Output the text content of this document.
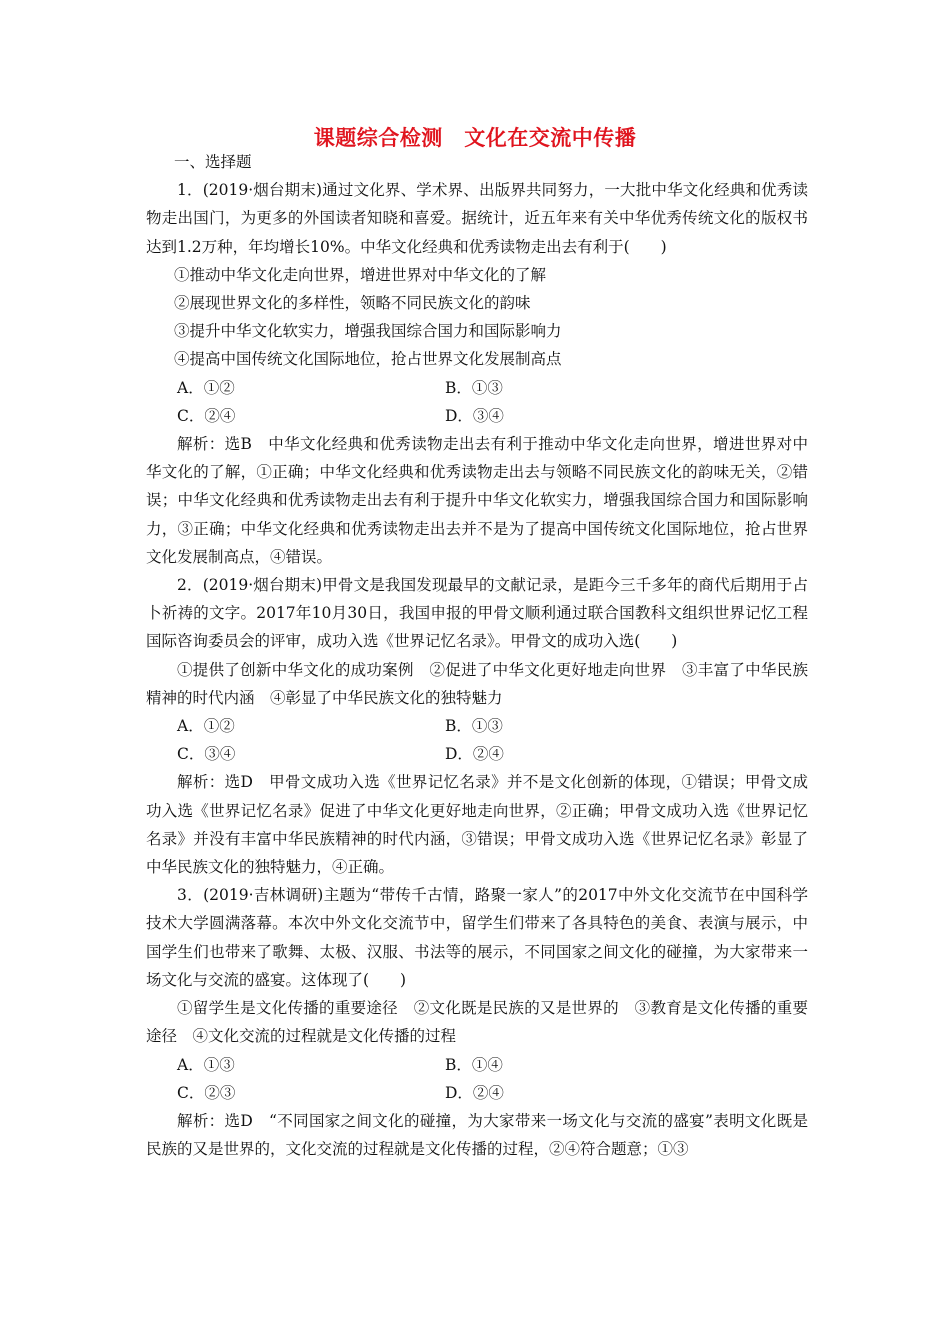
课题综合检测　文化在交流中传播
一、选择题

1．(2019·烟台期末)通过文化界、学术界、出版界共同努力，一大批中华文化经典和优秀读物走出国门，为更多的外国读者知晓和喜爱。据统计，近五年来有关中华优秀传统文化的版权书达到1.2万种，年均增长10%。中华文化经典和优秀读物走出去有利于(　　)

①推动中华文化走向世界，增进世界对中华文化的了解

②展现世界文化的多样性，领略不同民族文化的韵味

③提升中华文化软实力，增强我国综合国力和国际影响力

④提高中国传统文化国际地位，抢占世界文化发展制高点

A．①②	B．①③
C．②④	D．③④

解析：选B　中华文化经典和优秀读物走出去有利于推动中华文化走向世界，增进世界对中华文化的了解，①正确；中华文化经典和优秀读物走出去与领略不同民族文化的韵味无关，②错误；中华文化经典和优秀读物走出去有利于提升中华文化软实力，增强我国综合国力和国际影响力，③正确；中华文化经典和优秀读物走出去并不是为了提高中国传统文化国际地位，抢占世界文化发展制高点，④错误。

2．(2019·烟台期末)甲骨文是我国发现最早的文献记录，是距今三千多年的商代后期用于占卜祈祷的文字。2017年10月30日，我国申报的甲骨文顺利通过联合国教科文组织世界记忆工程国际咨询委员会的评审，成功入选《世界记忆名录》。甲骨文的成功入选(　　)

①提供了创新中华文化的成功案例　②促进了中华文化更好地走向世界　③丰富了中华民族精神的时代内涵　④彰显了中华民族文化的独特魅力

A．①②	B．①③
C．③④	D．②④

解析：选D　甲骨文成功入选《世界记忆名录》并不是文化创新的体现，①错误；甲骨文成功入选《世界记忆名录》促进了中华文化更好地走向世界，②正确；甲骨文成功入选《世界记忆名录》并没有丰富中华民族精神的时代内涵，③错误；甲骨文成功入选《世界记忆名录》彰显了中华民族文化的独特魅力，④正确。

3．(2019·吉林调研)主题为“带传千古情，路聚一家人”的2017中外文化交流节在中国科学技术大学圆满落幕。本次中外文化交流节中，留学生们带来了各具特色的美食、表演与展示，中国学生们也带来了歌舞、太极、汉服、书法等的展示，不同国家之间文化的碰撞，为大家带来一场文化与交流的盛宴。这体现了(　　)

①留学生是文化传播的重要途径　②文化既是民族的又是世界的　③教育是文化传播的重要途径　④文化交流的过程就是文化传播的过程

A．①③	B．①④
C．②③	D．②④

解析：选D　“不同国家之间文化的碰撞，为大家带来一场文化与交流的盛宴”表明文化既是民族的又是世界的，文化交流的过程就是文化传播的过程，②④符合题意；①③
